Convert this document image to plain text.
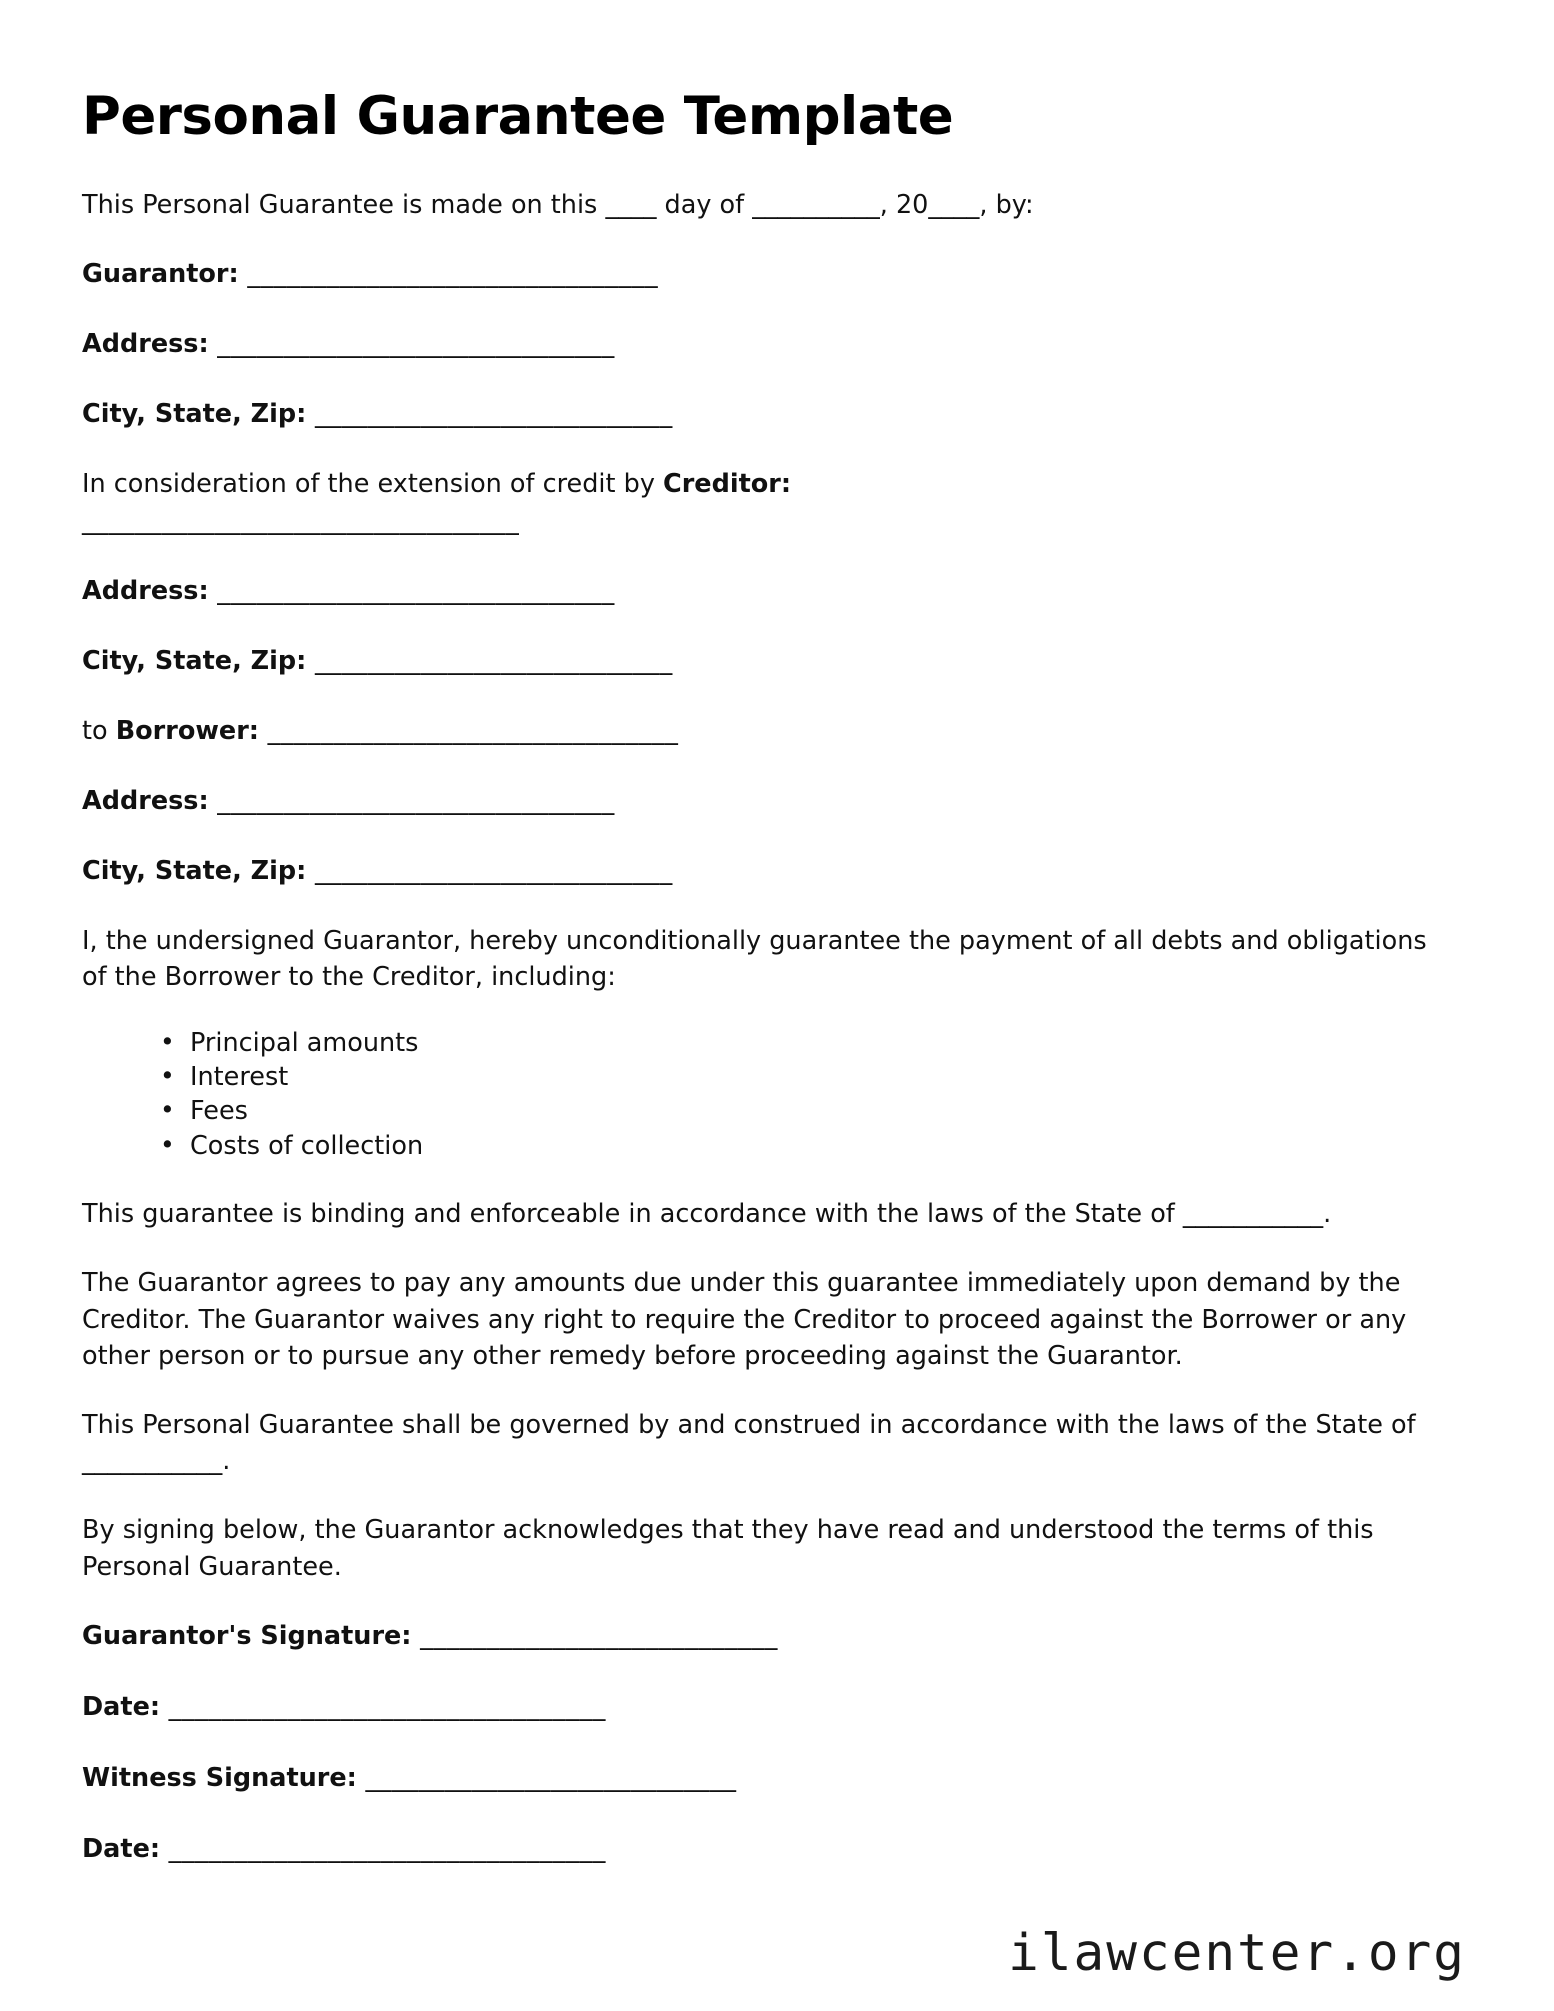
Personal Guarantee Template

This Personal Guarantee is made on this ____ day of __________, 20____, by:

Guarantor: _______________________________
Address: ______________________________
City, State, Zip: ___________________________
In consideration of the extension of credit by Creditor:
_________________________________
Address: ______________________________
City, State, Zip: ___________________________
to Borrower: _______________________________
Address: ______________________________
City, State, Zip: ___________________________

I, the undersigned Guarantor, hereby unconditionally guarantee the payment of all debts and obligations of the Borrower to the Creditor, including:

• Principal amounts
• Interest
• Fees
• Costs of collection

This guarantee is binding and enforceable in accordance with the laws of the State of ___________.

The Guarantor agrees to pay any amounts due under this guarantee immediately upon demand by the Creditor. The Guarantor waives any right to require the Creditor to proceed against the Borrower or any other person or to pursue any other remedy before proceeding against the Guarantor.

This Personal Guarantee shall be governed by and construed in accordance with the laws of the State of ___________.

By signing below, the Guarantor acknowledges that they have read and understood the terms of this Personal Guarantee.

Guarantor's Signature: ___________________________
Date: _________________________________
Witness Signature: ____________________________
Date: _________________________________
ilawcenter.org
